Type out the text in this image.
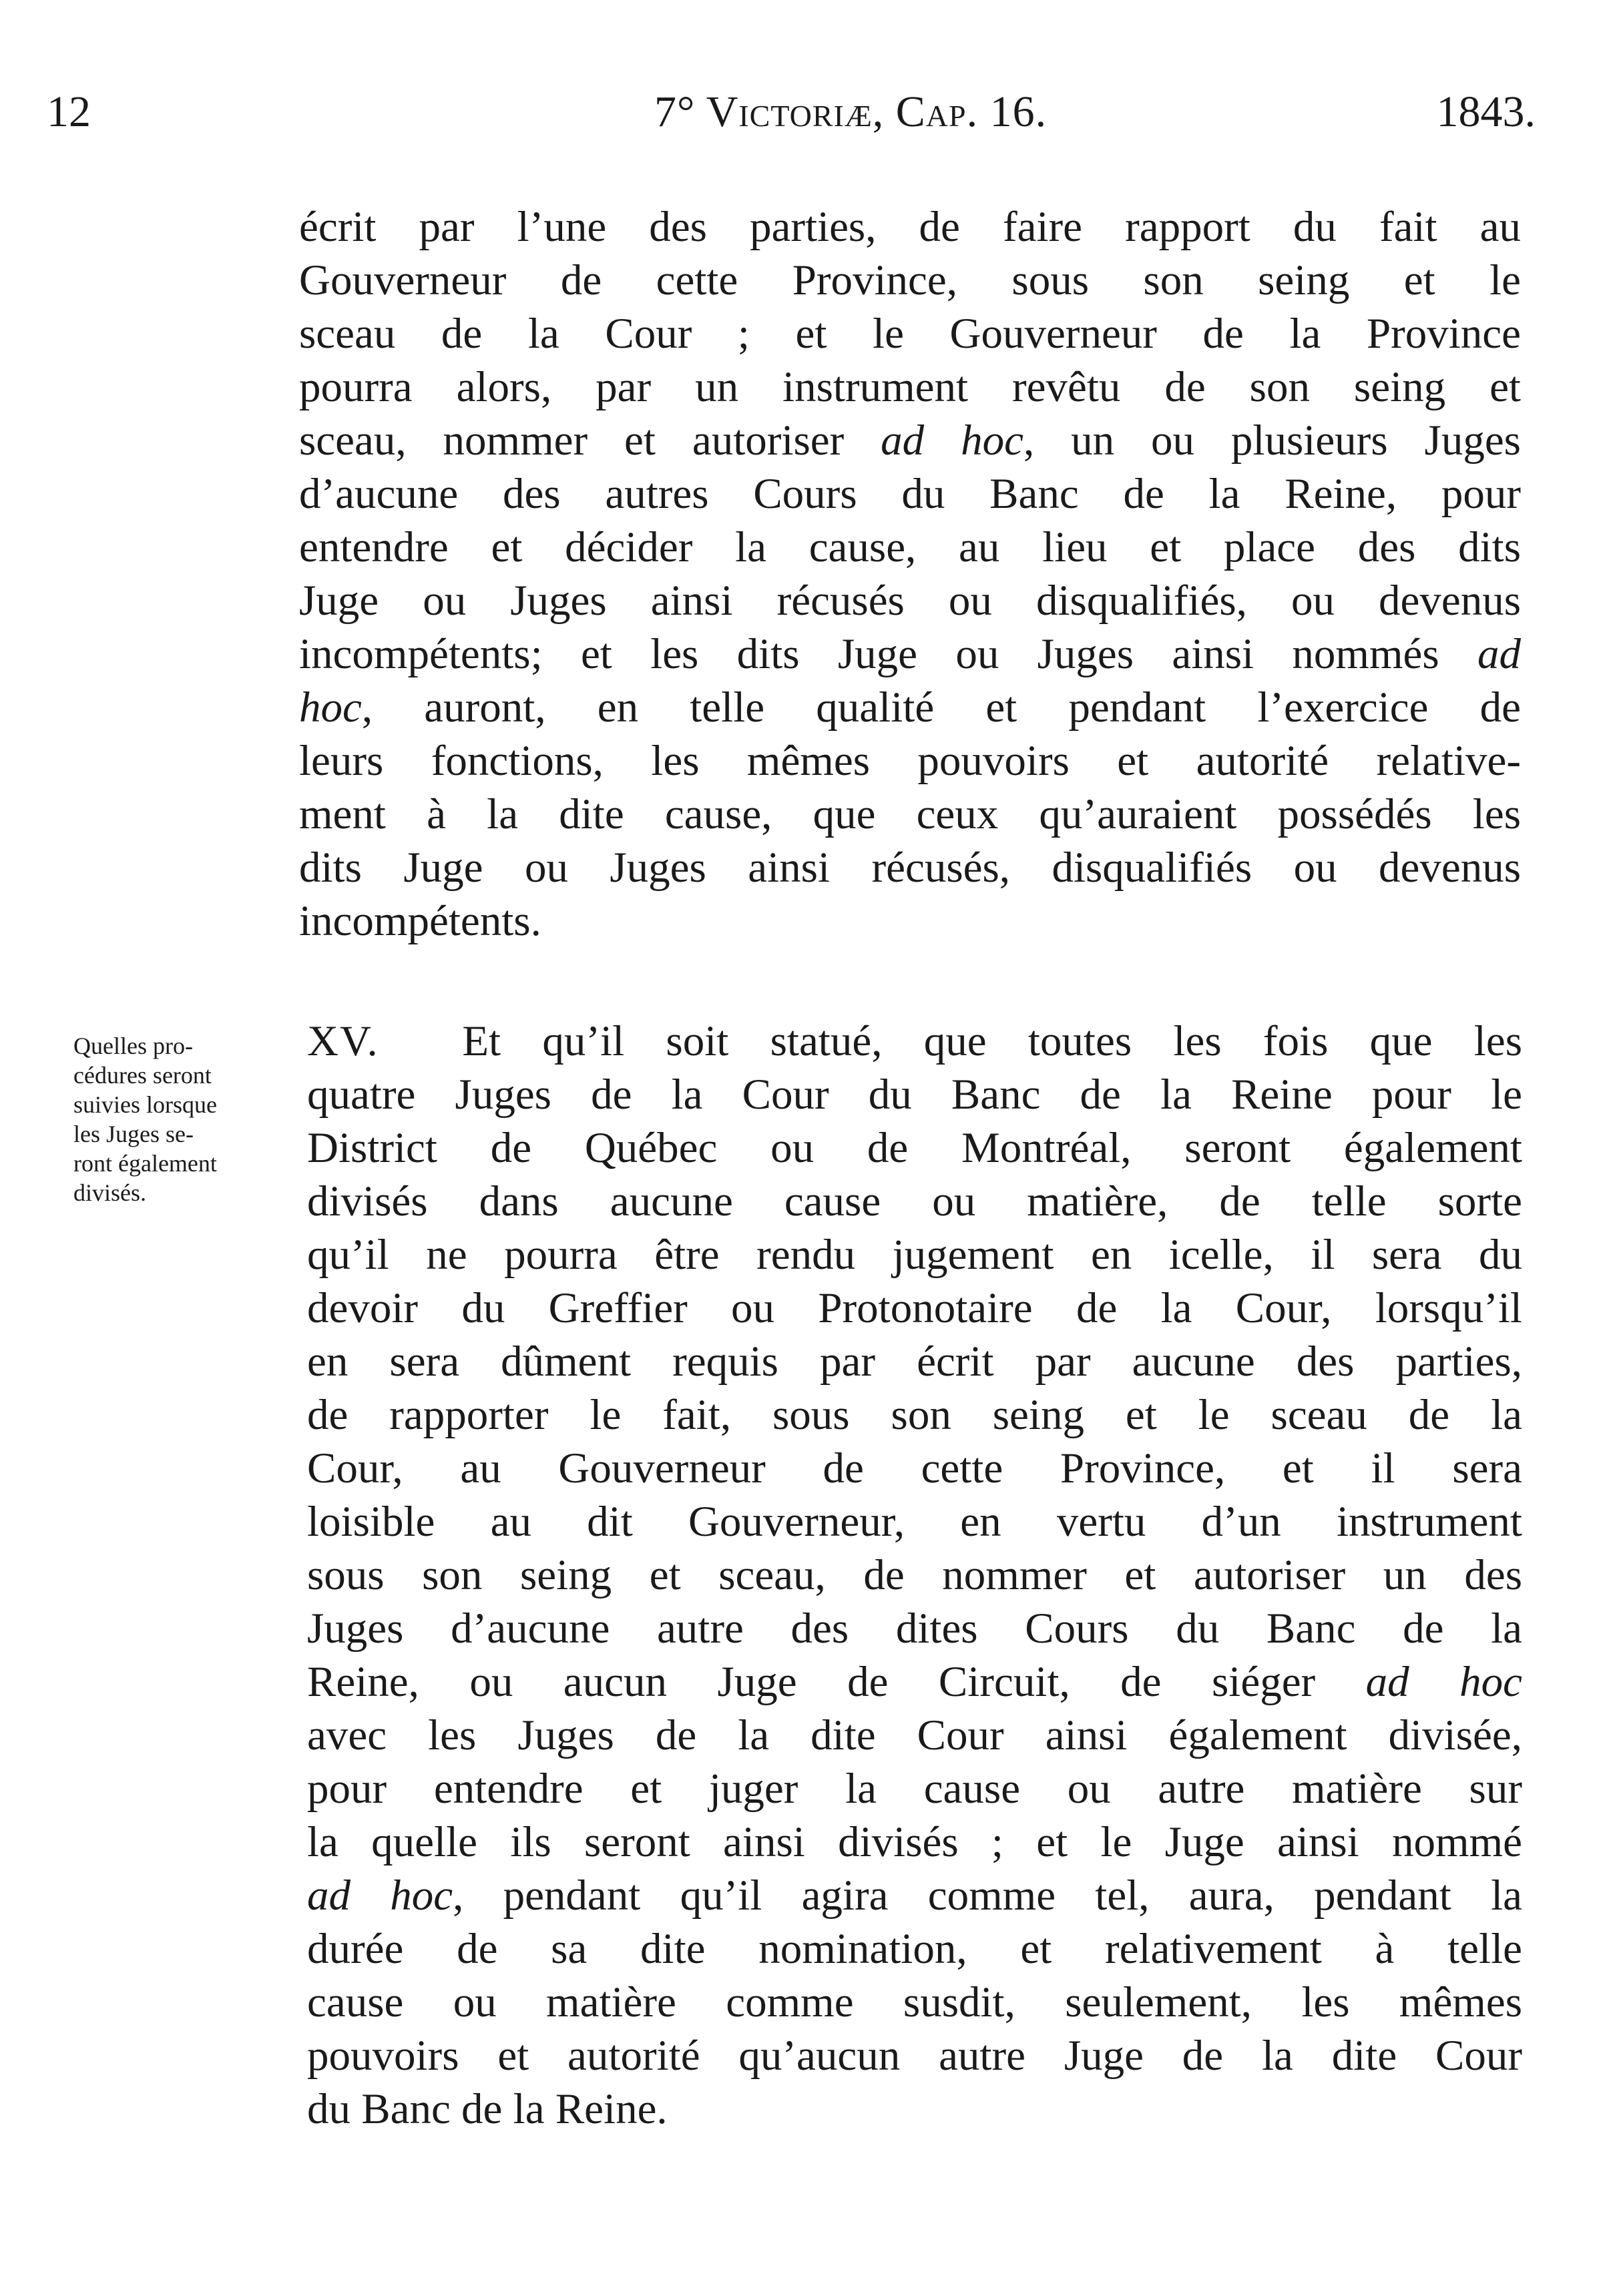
12	7° Victoriæ, Cap. 16.	1843.
écrit par l’une des parties, de faire rapport du fait au
Gouverneur de cette Province, sous son seing et le
sceau de la Cour ; et le Gouverneur de la Province
pourra alors, par un instrument revêtu de son seing et
sceau, nommer et autoriser ad hoc, un ou plusieurs Juges
d’aucune des autres Cours du Banc de la Reine, pour
entendre et décider la cause, au lieu et place des dits
Juge ou Juges ainsi récusés ou disqualifiés, ou devenus
incompétents; et les dits Juge ou Juges ainsi nommés ad
hoc, auront, en telle qualité et pendant l’exercice de
leurs fonctions, les mêmes pouvoirs et autorité relative-
ment à la dite cause, que ceux qu’auraient possédés les
dits Juge ou Juges ainsi récusés, disqualifiés ou devenus
incompétents.
Quelles pro-
cédures seront
suivies lorsque
les Juges se-
ront également
divisés.
XV. Et qu’il soit statué, que toutes les fois que les
quatre Juges de la Cour du Banc de la Reine pour le
District de Québec ou de Montréal, seront également
divisés dans aucune cause ou matière, de telle sorte
qu’il ne pourra être rendu jugement en icelle, il sera du
devoir du Greffier ou Protonotaire de la Cour, lorsqu’il
en sera dûment requis par écrit par aucune des parties,
de rapporter le fait, sous son seing et le sceau de la
Cour, au Gouverneur de cette Province, et il sera
loisible au dit Gouverneur, en vertu d’un instrument
sous son seing et sceau, de nommer et autoriser un des
Juges d’aucune autre des dites Cours du Banc de la
Reine, ou aucun Juge de Circuit, de siéger ad hoc
avec les Juges de la dite Cour ainsi également divisée,
pour entendre et juger la cause ou autre matière sur
la quelle ils seront ainsi divisés ; et le Juge ainsi nommé
ad hoc, pendant qu’il agira comme tel, aura, pendant la
durée de sa dite nomination, et relativement à telle
cause ou matière comme susdit, seulement, les mêmes
pouvoirs et autorité qu’aucun autre Juge de la dite Cour
du Banc de la Reine.
